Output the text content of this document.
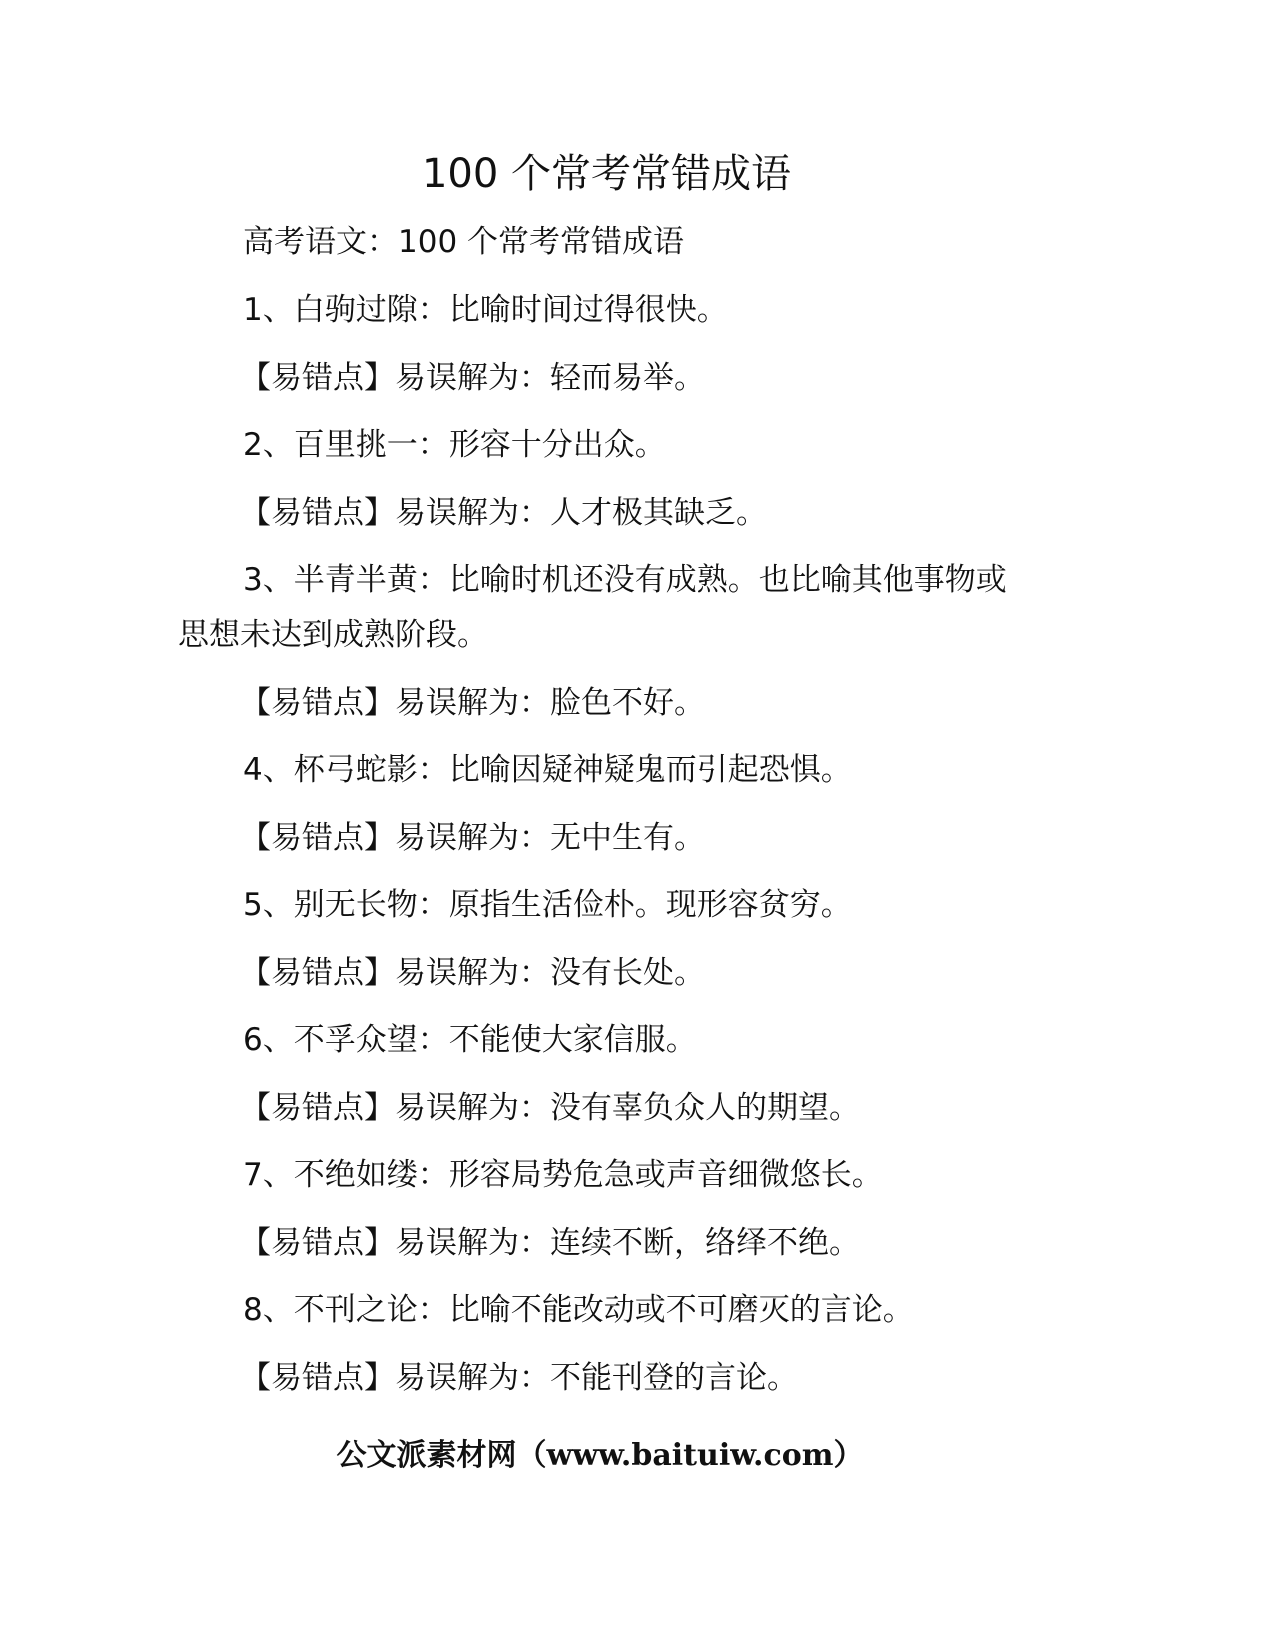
100 个常考常错成语
高考语文：100 个常考常错成语
1、白驹过隙：比喻时间过得很快。
【易错点】易误解为：轻而易举。
2、百里挑一：形容十分出众。
【易错点】易误解为：人才极其缺乏。
3、半青半黄：比喻时机还没有成熟。也比喻其他事物或
思想未达到成熟阶段。
【易错点】易误解为：脸色不好。
4、杯弓蛇影：比喻因疑神疑鬼而引起恐惧。
【易错点】易误解为：无中生有。
5、别无长物：原指生活俭朴。现形容贫穷。
【易错点】易误解为：没有长处。
6、不孚众望：不能使大家信服。
【易错点】易误解为：没有辜负众人的期望。
7、不绝如缕：形容局势危急或声音细微悠长。
【易错点】易误解为：连续不断，络绎不绝。
8、不刊之论：比喻不能改动或不可磨灭的言论。
【易错点】易误解为：不能刊登的言论。
公文派素材网（www.baituiw.com）
